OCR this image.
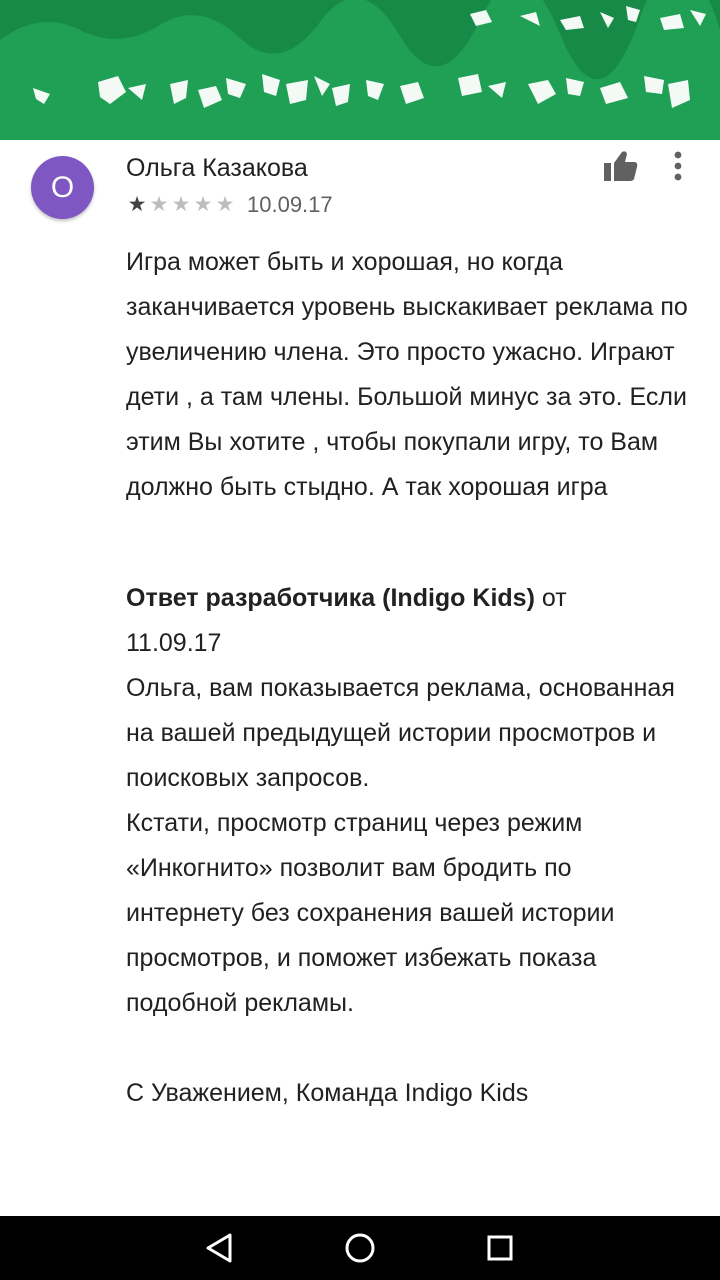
О
Ольга Казакова
★ ★ ★ ★ ★ 10.09.17
Игра может быть и хорошая, но когда заканчивается уровень выскакивает реклама по увеличению члена. Это просто ужасно. Играют дети , а там члены. Большой минус за это. Если этим Вы хотите , чтобы покупали игру, то Вам должно быть стыдно. А так хорошая игра

Ответ разработчика (Indigo Kids) от
11.09.17

Ольга, вам показывается реклама, основанная на вашей предыдущей истории просмотров и поисковых запросов.

Кстати, просмотр страниц через режим «Инкогнито» позволит вам бродить по интернету без сохранения вашей истории просмотров, и поможет избежать показа подобной рекламы.

С Уважением, Команда Indigo Kids
